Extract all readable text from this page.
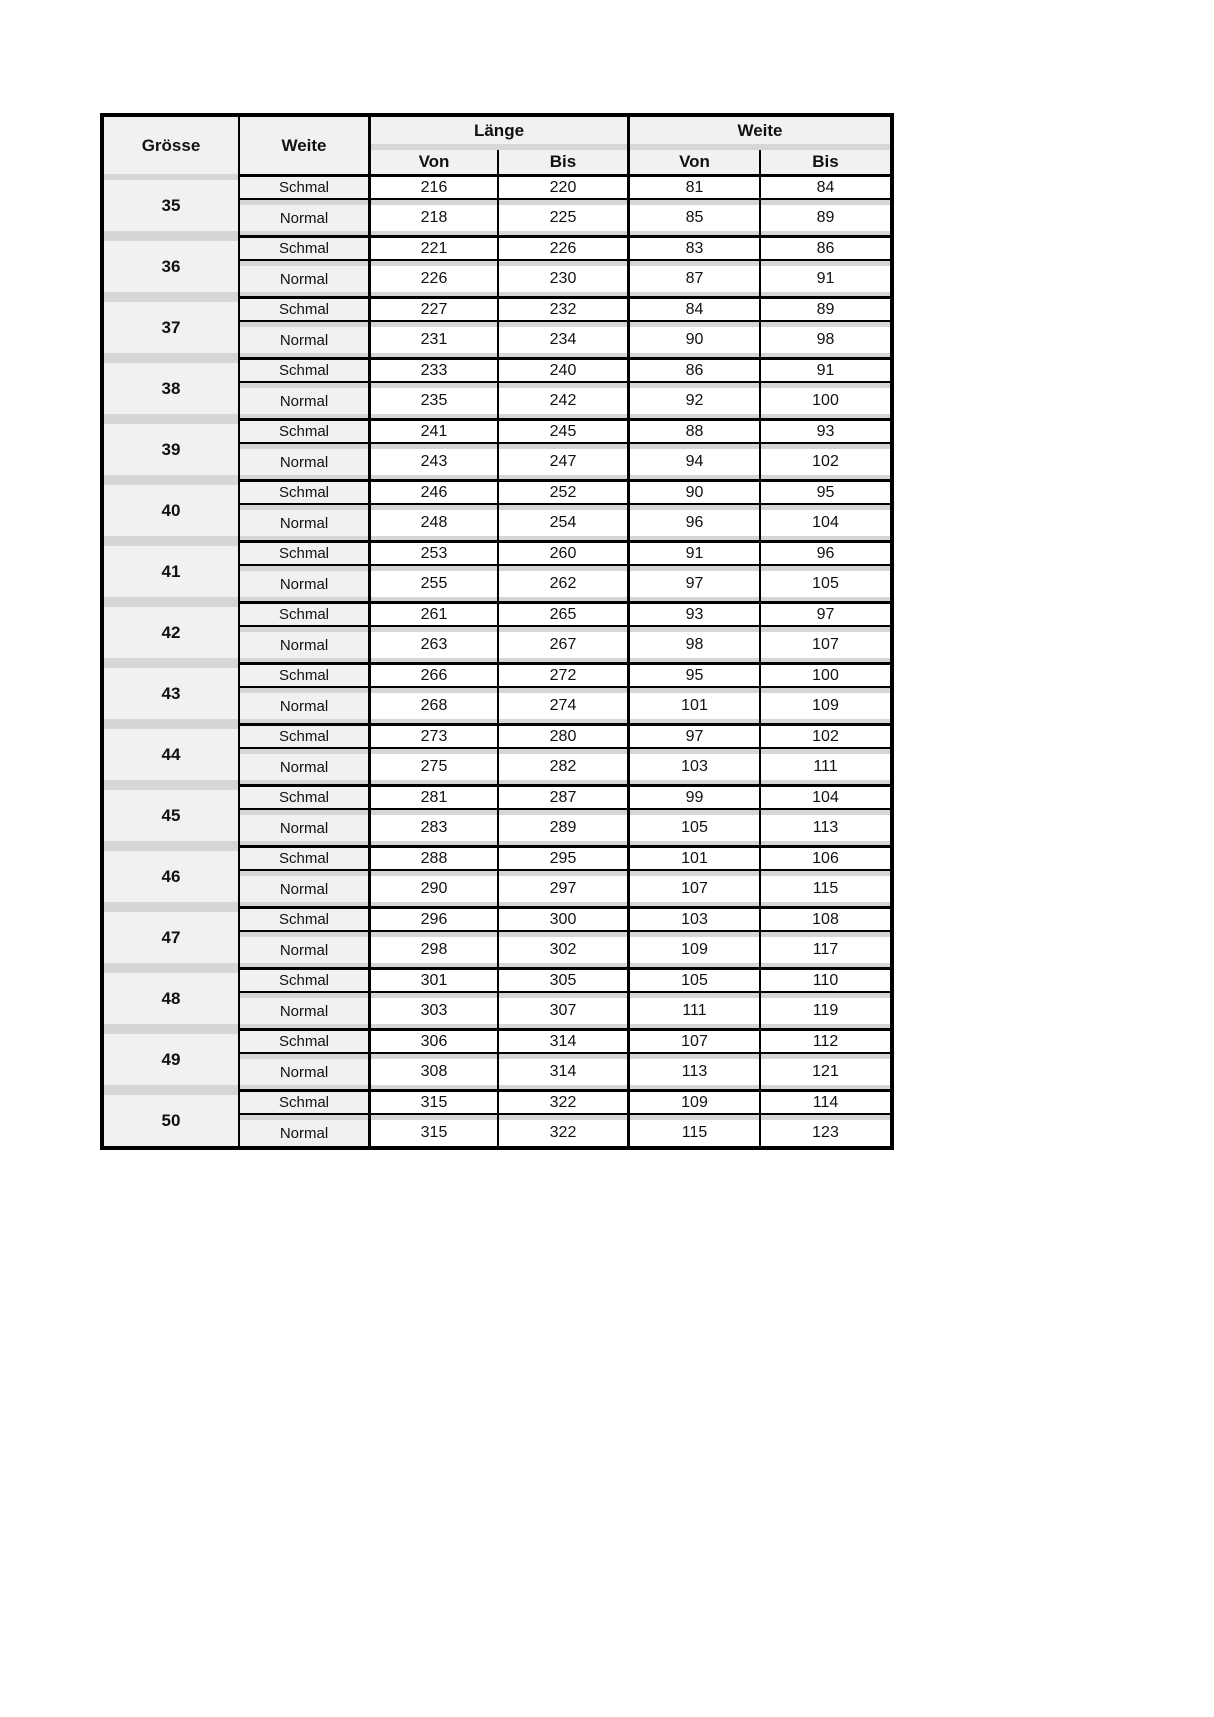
Grösse	Weite
Länge	Weite
Von	Bis	Von	Bis
35
Schmal	216	220	81	84
Normal	218	225	85	89
36
Schmal	221	226	83	86
Normal	226	230	87	91
37
Schmal	227	232	84	89
Normal	231	234	90	98
38
Schmal	233	240	86	91
Normal	235	242	92	100
39
Schmal	241	245	88	93
Normal	243	247	94	102
40
Schmal	246	252	90	95
Normal	248	254	96	104
41
Schmal	253	260	91	96
Normal	255	262	97	105
42
Schmal	261	265	93	97
Normal	263	267	98	107
43
Schmal	266	272	95	100
Normal	268	274	101	109
44
Schmal	273	280	97	102
Normal	275	282	103	111
45
Schmal	281	287	99	104
Normal	283	289	105	113
46
Schmal	288	295	101	106
Normal	290	297	107	115
47
Schmal	296	300	103	108
Normal	298	302	109	117
48
Schmal	301	305	105	110
Normal	303	307	111	119
49
Schmal	306	314	107	112
Normal	308	314	113	121
50
Schmal	315	322	109	114
Normal	315	322	115	123
